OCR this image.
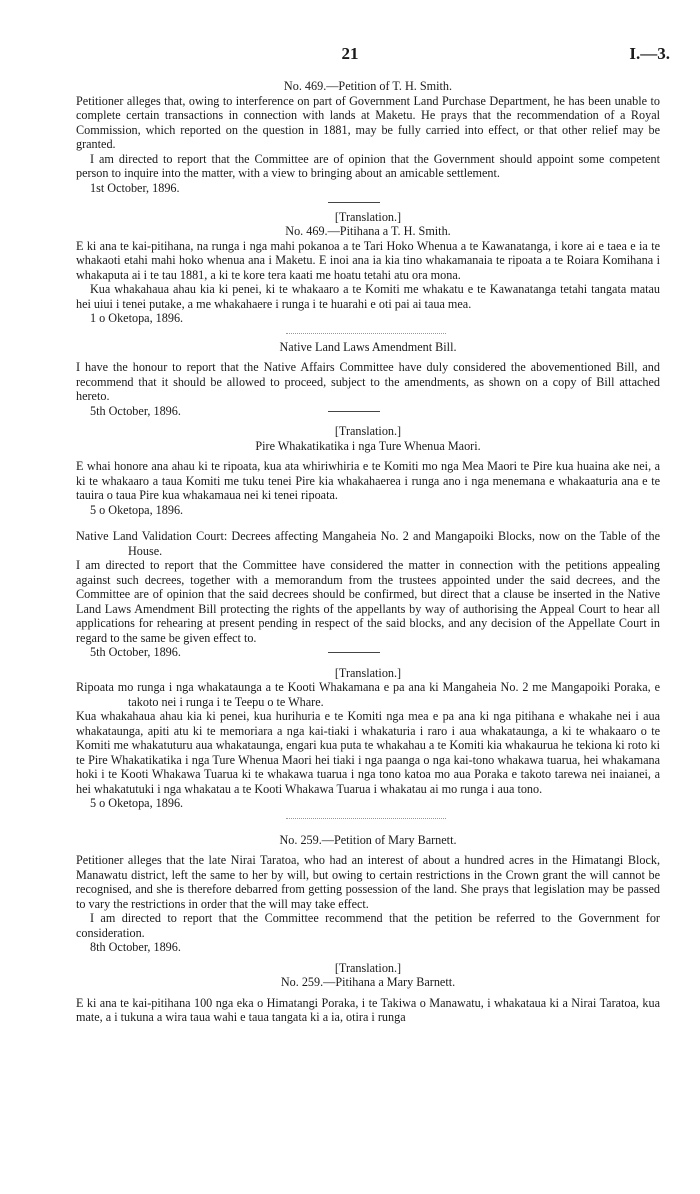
21	I.—3.

No. 469.—Petition of T. H. Smith.

Petitioner alleges that, owing to interference on part of Government Land Purchase Department, he has been unable to complete certain transactions in connection with lands at Maketu. He prays that the recommendation of a Royal Commission, which reported on the question in 1881, may be fully carried into effect, or that other relief may be granted.

I am directed to report that the Committee are of opinion that the Government should appoint some competent person to inquire into the matter, with a view to bringing about an amicable settlement.

1st October, 1896.

[Translation.]

No. 469.—Pitihana a T. H. Smith.

E ki ana te kai-pitihana, na runga i nga mahi pokanoa a te Tari Hoko Whenua a te Kawanatanga, i kore ai e taea e ia te whakaoti etahi mahi hoko whenua ana i Maketu. E inoi ana ia kia tino whakamanaia te ripoata a te Roiara Komihana i whakaputa ai i te tau 1881, a ki te kore tera kaati me hoatu tetahi atu ora mona.

Kua whakahaua ahau kia ki penei, ki te whakaaro a te Komiti me whakatu e te Kawanatanga tetahi tangata matau hei uiui i tenei putake, a me whakahaere i runga i te huarahi e oti pai ai taua mea.

1 o Oketopa, 1896.

Native Land Laws Amendment Bill.

I have the honour to report that the Native Affairs Committee have duly considered the abovementioned Bill, and recommend that it should be allowed to proceed, subject to the amendments, as shown on a copy of Bill attached hereto.

5th October, 1896.

[Translation.]

Pire Whakatikatika i nga Ture Whenua Maori.

E whai honore ana ahau ki te ripoata, kua ata whiriwhiria e te Komiti mo nga Mea Maori te Pire kua huaina ake nei, a ki te whakaaro a taua Komiti me tuku tenei Pire kia whakahaerea i runga ano i nga menemana e whakaaturia ana e te tauira o taua Pire kua whakamaua nei ki tenei ripoata.

5 o Oketopa, 1896.

Native Land Validation Court: Decrees affecting Mangaheia No. 2 and Mangapoiki Blocks, now on the Table of the House.

I am directed to report that the Committee have considered the matter in connection with the petitions appealing against such decrees, together with a memorandum from the trustees appointed under the said decrees, and the Committee are of opinion that the said decrees should be confirmed, but direct that a clause be inserted in the Native Land Laws Amendment Bill protecting the rights of the appellants by way of authorising the Appeal Court to hear all applications for rehearing at present pending in respect of the said blocks, and any decision of the Appellate Court in regard to the same be given effect to.

5th October, 1896.

[Translation.]

Ripoata mo runga i nga whakataunga a te Kooti Whakamana e pa ana ki Mangaheia No. 2 me Mangapoiki Poraka, e takoto nei i runga i te Teepu o te Whare.

Kua whakahaua ahau kia ki penei, kua hurihuria e te Komiti nga mea e pa ana ki nga pitihana e whakahe nei i aua whakataunga, apiti atu ki te memoriara a nga kai-tiaki i whakaturia i raro i aua whakataunga, a ki te whakaaro o te Komiti me whakatuturu aua whakataunga, engari kua puta te whakahau a te Komiti kia whakaurua he tekiona ki roto ki te Pire Whakatikatika i nga Ture Whenua Maori hei tiaki i nga paanga o nga kai-tono whakawa tuarua, hei whakamana hoki i te Kooti Whakawa Tuarua ki te whakawa tuarua i nga tono katoa mo aua Poraka e takoto tarewa nei inaianei, a hei whakatutuki i nga whakatau a te Kooti Whakawa Tuarua i whakatau ai mo runga i aua tono.

5 o Oketopa, 1896.

No. 259.—Petition of Mary Barnett.

Petitioner alleges that the late Nirai Taratoa, who had an interest of about a hundred acres in the Himatangi Block, Manawatu district, left the same to her by will, but owing to certain restrictions in the Crown grant the will cannot be recognised, and she is therefore debarred from getting possession of the land. She prays that legislation may be passed to vary the restrictions in order that the will may take effect.

I am directed to report that the Committee recommend that the petition be referred to the Government for consideration.

8th October, 1896.

[Translation.]

No. 259.—Pitihana a Mary Barnett.

E ki ana te kai-pitihana 100 nga eka o Himatangi Poraka, i te Takiwa o Manawatu, i whakataua ki a Nirai Taratoa, kua mate, a i tukuna a wira taua wahi e taua tangata ki a ia, otira i runga
